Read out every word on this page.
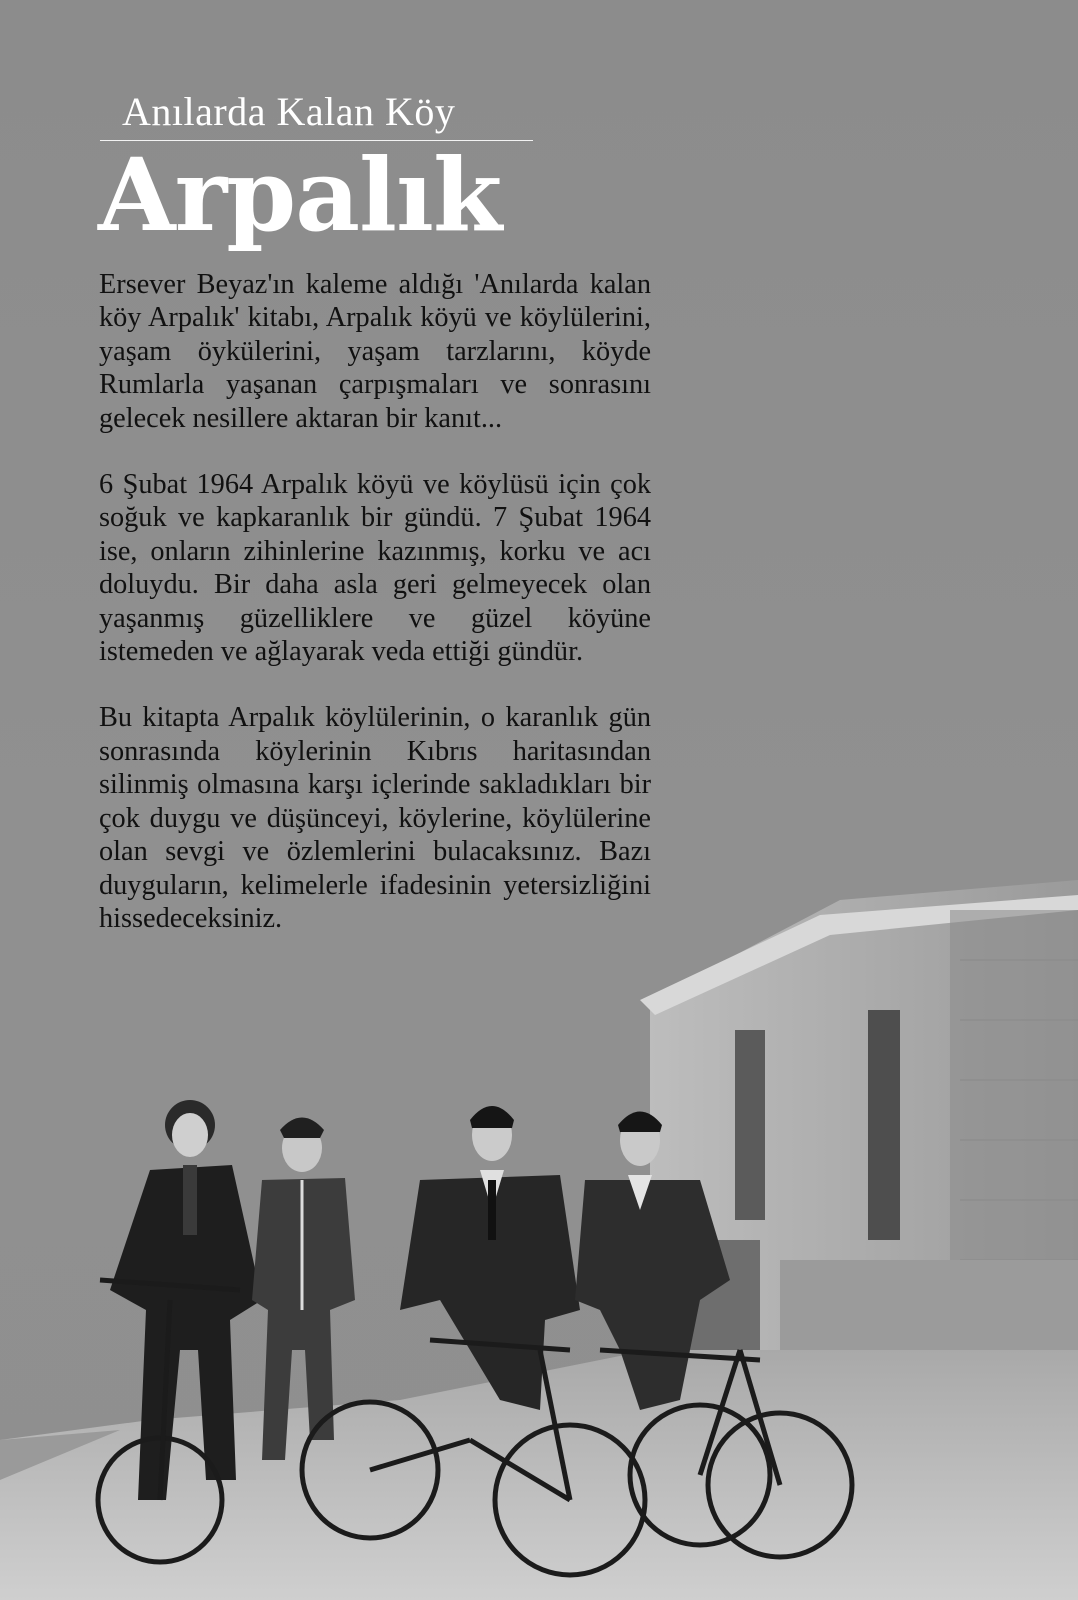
Anılarda Kalan Köy
Arpalık

Ersever Beyaz'ın kaleme aldığı 'Anılarda kalan köy Arpalık' kitabı, Arpalık köyü ve köylülerini, yaşam öykülerini, yaşam tarzlarını, köyde Rumlarla yaşanan çarpışmaları ve sonrasını gelecek nesillere aktaran bir kanıt...

6 Şubat 1964 Arpalık köyü ve köylüsü için çok soğuk ve kapkaranlık bir gündü. 7 Şubat 1964 ise, onların zihinlerine kazınmış, korku ve acı doluydu. Bir daha asla geri gelmeyecek olan yaşanmış güzelliklere ve güzel köyüne istemeden ve ağlayarak veda ettiği gündür.

Bu kitapta Arpalık köylülerinin, o karanlık gün sonrasında köylerinin Kıbrıs haritasından silinmiş olmasına karşı içlerinde sakladıkları bir çok duygu ve düşünceyi, köylerine, köylülerine olan sevgi ve özlemlerini bulacaksınız. Bazı duyguların, kelimelerle ifadesinin yetersizliğini hissedeceksiniz.
